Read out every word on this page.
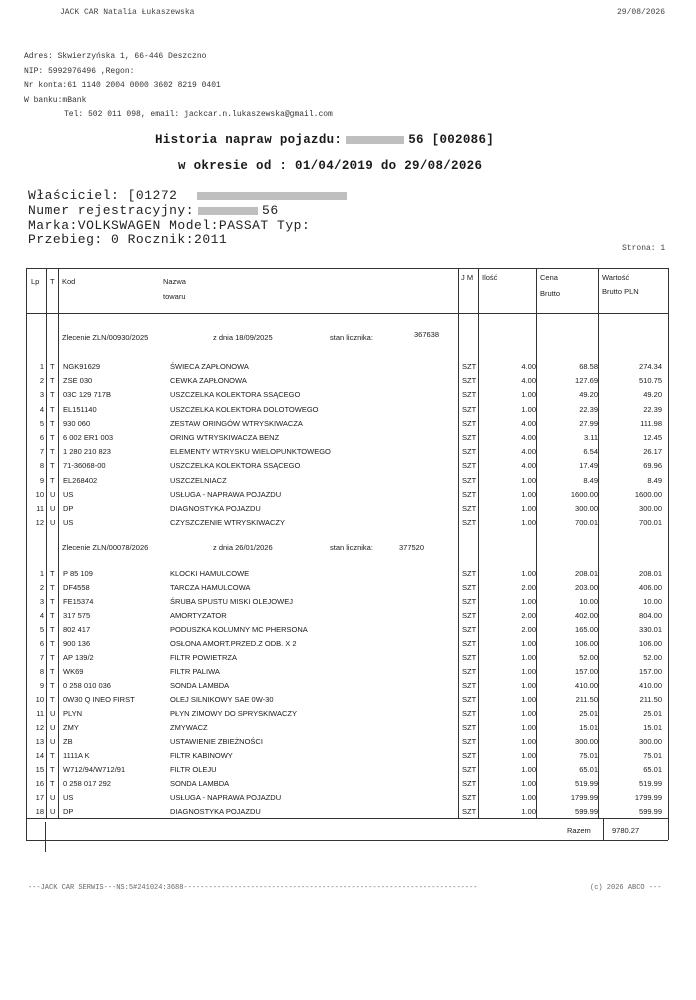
JACK CAR Natalia Łukaszewska	29/08/2026
Adres: Skwierzyńska 1, 66-446 Deszczno
NIP: 5992976496 ,Regon:
Nr konta:61 1140 2004 0000 3602 8219 0401
W banku:mBank
Tel: 502 011 098, email: jackcar.n.lukaszewska@gmail.com
Historia napraw pojazdu:	56 [002086]
w okresie od : 01/04/2019 do 29/08/2026
Właściciel: [01272
Numer rejestracyjny:	56
Marka:VOLKSWAGEN Model:PASSAT Typ:
Przebieg: 0 Rocznik:2011
Strona: 1
Lp T Kod	Nazwa
towaru
J M Ilość	Cena
Brutto
Wartość
Brutto PLN
Zlecenie ZLN/00930/2025	z dnia 18/09/2025	stan licznika:	367638
1 T NGK91629	ŚWIECA ZAPŁONOWA	SZT	4.00	68.58	274.34
2 T ZSE 030	CEWKA ZAPŁONOWA	SZT	4.00	127.69	510.75
3 T 03C 129 717B	USZCZELKA KOLEKTORA SSĄCEGO	SZT	1.00	49.20	49.20
4 T EL151140	USZCZELKA KOLEKTORA DOLOTOWEGO	SZT	1.00	22.39	22.39
5 T 930 060	ZESTAW ORINGÓW WTRYSKIWACZA	SZT	4.00	27.99	111.98
6 T 6 002 ER1 003	ORING WTRYSKIWACZA BENZ	SZT	4.00	3.11	12.45
7 T 1 280 210 823	ELEMENTY WTRYSKU WIELOPUNKTOWEGO	SZT	4.00	6.54	26.17
8 T 71-36068-00	USZCZELKA KOLEKTORA SSĄCEGO	SZT	4.00	17.49	69.96
9 T EL268402	USZCZELNIACZ	SZT	1.00	8.49	8.49
10 U US	USŁUGA - NAPRAWA POJAZDU	SZT	1.00	1600.00	1600.00
11 U DP	DIAGNOSTYKA POJAZDU	SZT	1.00	300.00	300.00
12 U US	CZYSZCZENIE WTRYSKIWACZY	SZT	1.00	700.01	700.01
Zlecenie ZLN/00078/2026	z dnia 26/01/2026	stan licznika:	377520
1 T P 85 109	KLOCKI HAMULCOWE	SZT	1.00	208.01	208.01
2 T DF4558	TARCZA HAMULCOWA	SZT	2.00	203.00	406.00
3 T FE15374	ŚRUBA SPUSTU MISKI OLEJOWEJ	SZT	1.00	10.00	10.00
4 T 317 575	AMORTYZATOR	SZT	2.00	402.00	804.00
5 T 802 417	PODUSZKA KOLUMNY MC PHERSONA	SZT	2.00	165.00	330.01
6 T 900 136	OSŁONA AMORT.PRZED.Z ODB. X 2	SZT	1.00	106.00	106.00
7 T AP 139/2	FILTR POWIETRZA	SZT	1.00	52.00	52.00
8 T WK69	FILTR PALIWA	SZT	1.00	157.00	157.00
9 T 0 258 010 036	SONDA LAMBDA	SZT	1.00	410.00	410.00
10 T 0W30 Q INEO FIRST	OLEJ SILNIKOWY SAE 0W-30	SZT	1.00	211.50	211.50
11 U PLYN	PŁYN ZIMOWY DO SPRYSKIWACZY	SZT	1.00	25.01	25.01
12 U ZMY	ZMYWACZ	SZT	1.00	15.01	15.01
13 U ZB	USTAWIENIE ZBIEŻNOŚCI	SZT	1.00	300.00	300.00
14 T 1111A K	FILTR KABINOWY	SZT	1.00	75.01	75.01
15 T W712/94/W712/91	FILTR OLEJU	SZT	1.00	65.01	65.01
16 T 0 258 017 292	SONDA LAMBDA	SZT	1.00	519.99	519.99
17 U US	USŁUGA - NAPRAWA POJAZDU	SZT	1.00	1799.99	1799.99
18 U DP	DIAGNOSTYKA POJAZDU	SZT	1.00	599.99	599.99
Razem	9780.27
---JACK CAR SERWIS---NS:5#241024:3688----------------------------------------------------------------------	(c) 2026 ABCO ---
